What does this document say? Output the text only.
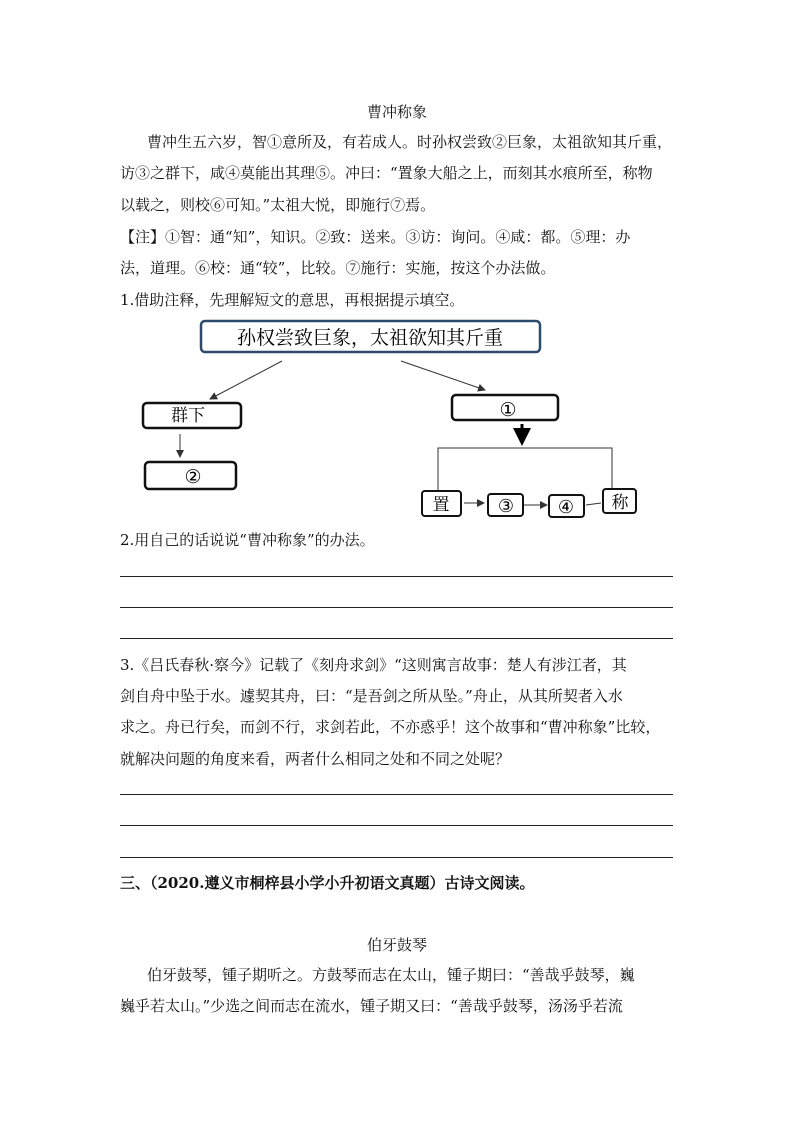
曹冲称象
曹冲生五六岁，智①意所及，有若成人。时孙权尝致②巨象，太祖欲知其斤重，
访③之群下，咸④莫能出其理⑤。冲曰：“置象大船之上，而刻其水痕所至，称物
以载之，则校⑥可知。”太祖大悦，即施行⑦焉。
【注】①智：通“知”，知识。②致：送来。③访：询问。④咸：都。⑤理：办
法，道理。⑥校：通“较”，比较。⑦施行：实施，按这个办法做。
1.借助注释，先理解短文的意思，再根据提示填空。
孙权尝致巨象，太祖欲知其斤重
群下
②
①
置	③ ④ 称
2.用自己的话说说“曹冲称象”的办法。
3.《吕氏春秋·察今》记载了《刻舟求剑》“这则寓言故事：楚人有涉江者，其
剑自舟中坠于水。遽契其舟，曰：“是吾剑之所从坠。”舟止，从其所契者入水
求之。舟已行矣，而剑不行，求剑若此，不亦惑乎！这个故事和“曹冲称象”比较，
就解决问题的角度来看，两者什么相同之处和不同之处呢？
三、（2020.遵义市桐梓县小学小升初语文真题）古诗文阅读。
伯牙鼓琴
伯牙鼓琴，锺子期听之。方鼓琴而志在太山，锺子期曰：“善哉乎鼓琴，巍
巍乎若太山。”少选之间而志在流水，锺子期又曰：“善哉乎鼓琴，汤汤乎若流
